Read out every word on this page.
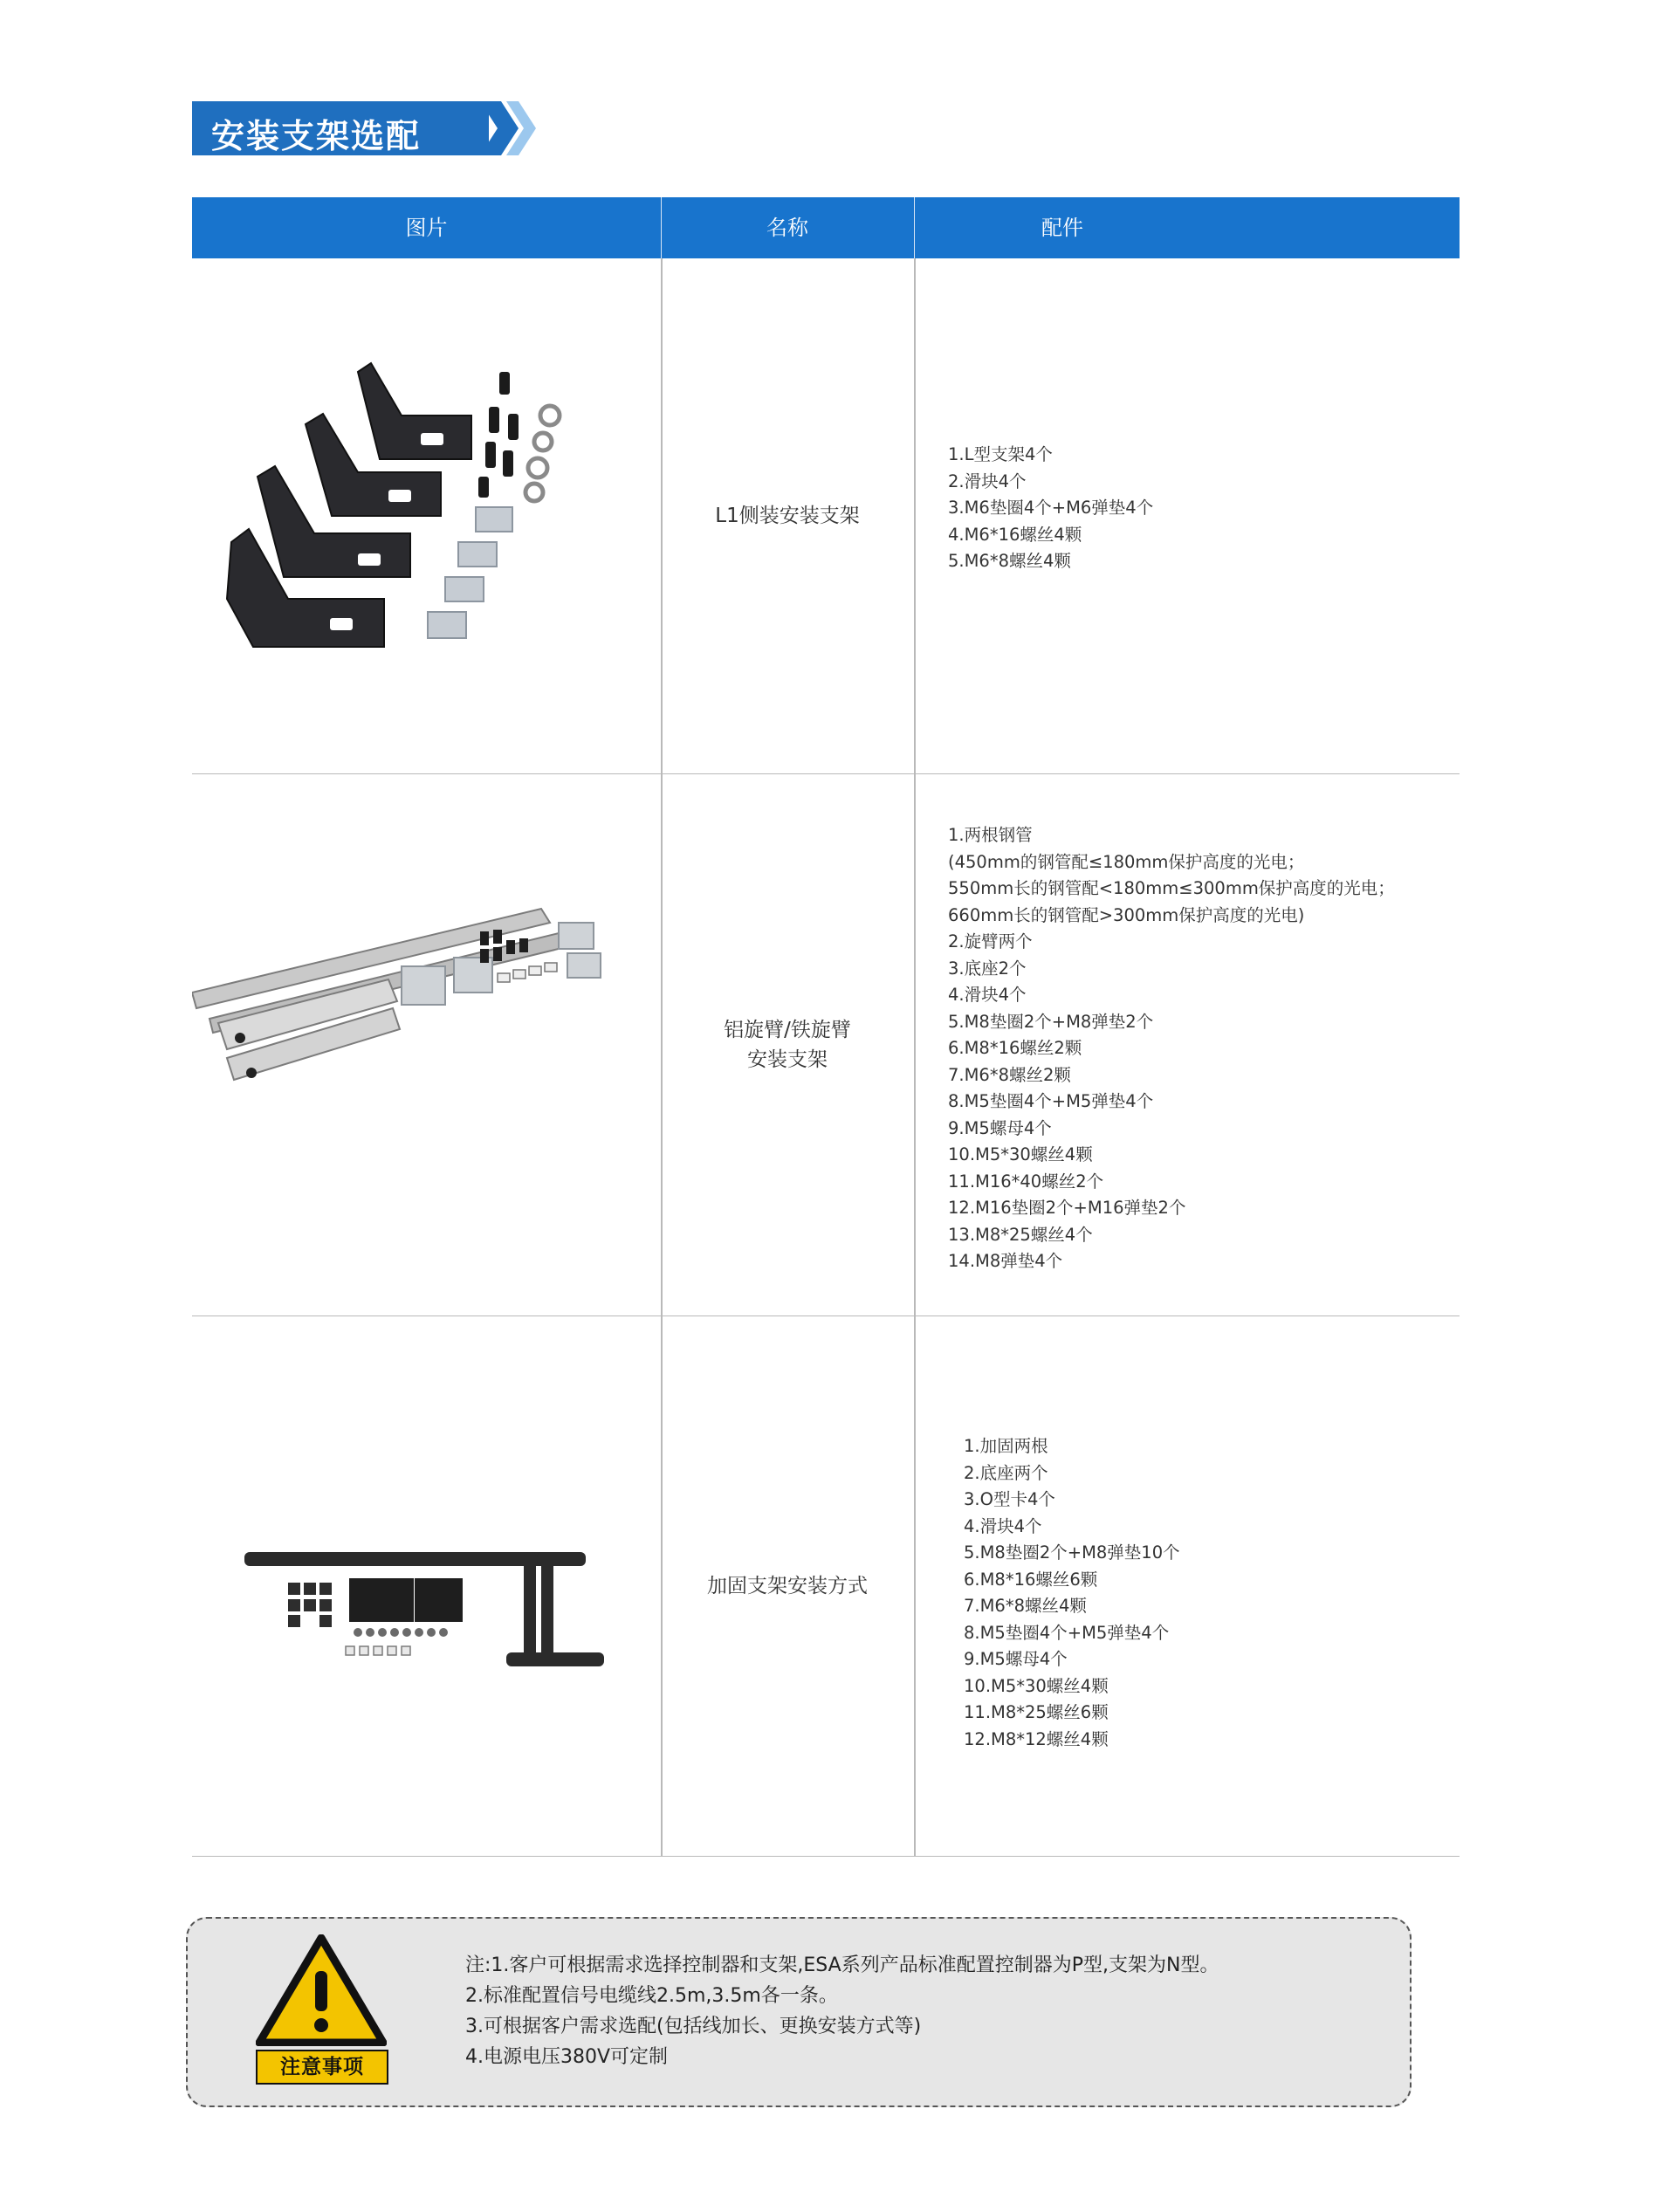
安装支架选配
图片	名称	配件
L1侧装安装支架
1.L型支架4个
2.滑块4个
3.M6垫圈4个+M6弹垫4个
4.M6*16螺丝4颗
5.M6*8螺丝4颗
铝旋臂/铁旋臂
安装支架
1.两根钢管
(450mm的钢管配≤180mm保护高度的光电；
550mm长的钢管配<180mm≤300mm保护高度的光电；
660mm长的钢管配>300mm保护高度的光电)
2.旋臂两个
3.底座2个
4.滑块4个
5.M8垫圈2个+M8弹垫2个
6.M8*16螺丝2颗
7.M6*8螺丝2颗
8.M5垫圈4个+M5弹垫4个
9.M5螺母4个
10.M5*30螺丝4颗
11.M16*40螺丝2个
12.M16垫圈2个+M16弹垫2个
13.M8*25螺丝4个
14.M8弹垫4个
加固支架安装方式
1.加固两根
2.底座两个
3.O型卡4个
4.滑块4个
5.M8垫圈2个+M8弹垫10个
6.M8*16螺丝6颗
7.M6*8螺丝4颗
8.M5垫圈4个+M5弹垫4个
9.M5螺母4个
10.M5*30螺丝4颗
11.M8*25螺丝6颗
12.M8*12螺丝4颗
注意事项
注:1.客户可根据需求选择控制器和支架,ESA系列产品标准配置控制器为P型,支架为N型。
2.标准配置信号电缆线2.5m,3.5m各一条。
3.可根据客户需求选配(包括线加长、更换安装方式等)
4.电源电压380V可定制
